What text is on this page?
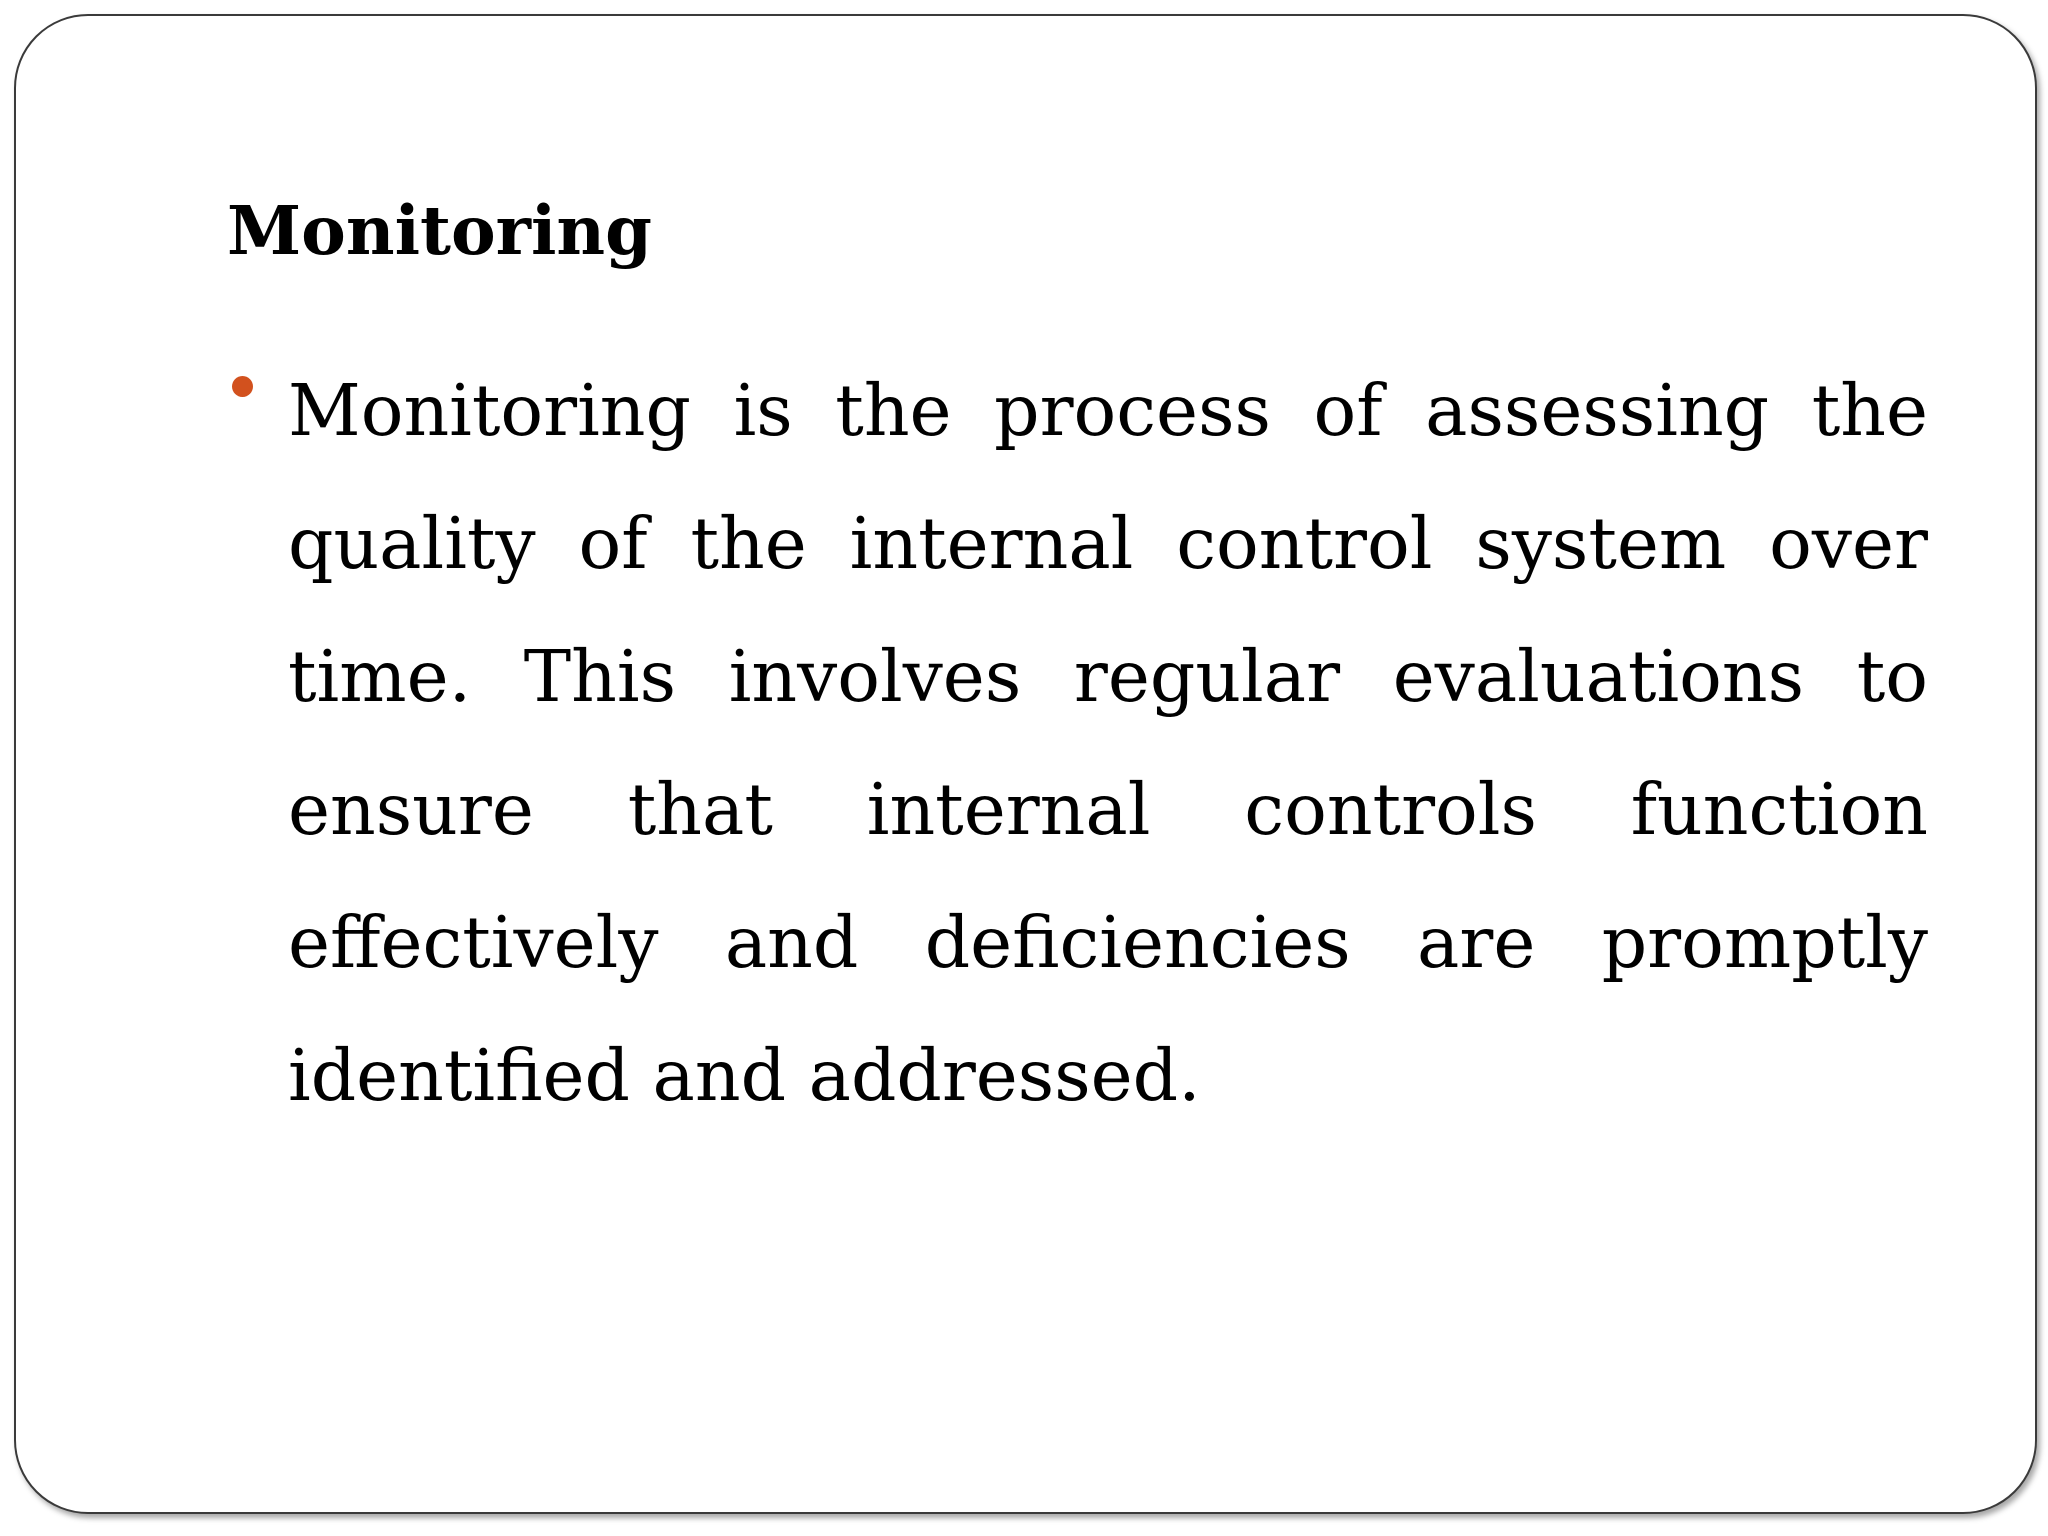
Monitoring
Monitoring is the process of assessing the
quality of the internal control system over
time. This involves regular evaluations to
ensure that internal controls function
effectively and deficiencies are promptly
identified and addressed.
